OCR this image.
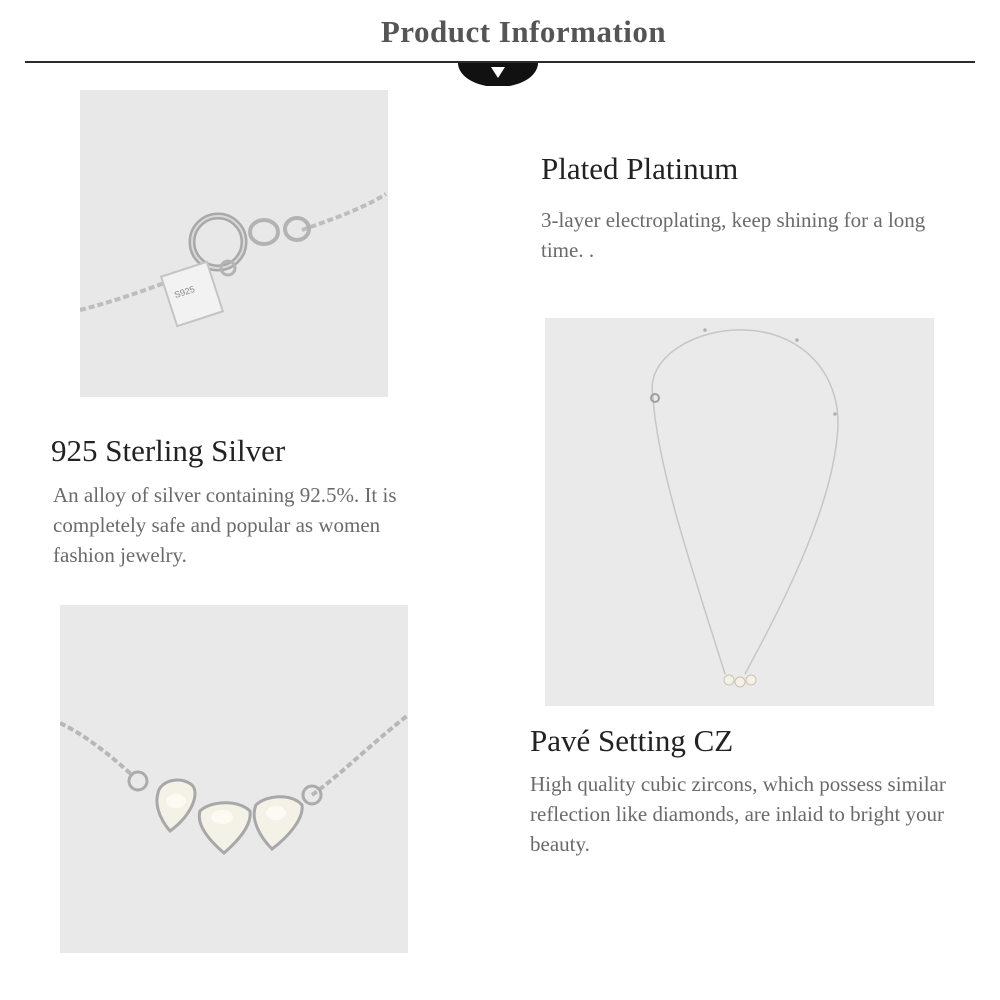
Product Information
S925
Plated Platinum
3-layer electroplating, keep shining for a long time. .
925 Sterling Silver
An alloy of silver containing 92.5%. It is completely safe and popular as women fashion jewelry.
Pavé Setting CZ
High quality cubic zircons, which possess similar reflection like diamonds, are inlaid to bright your beauty.
